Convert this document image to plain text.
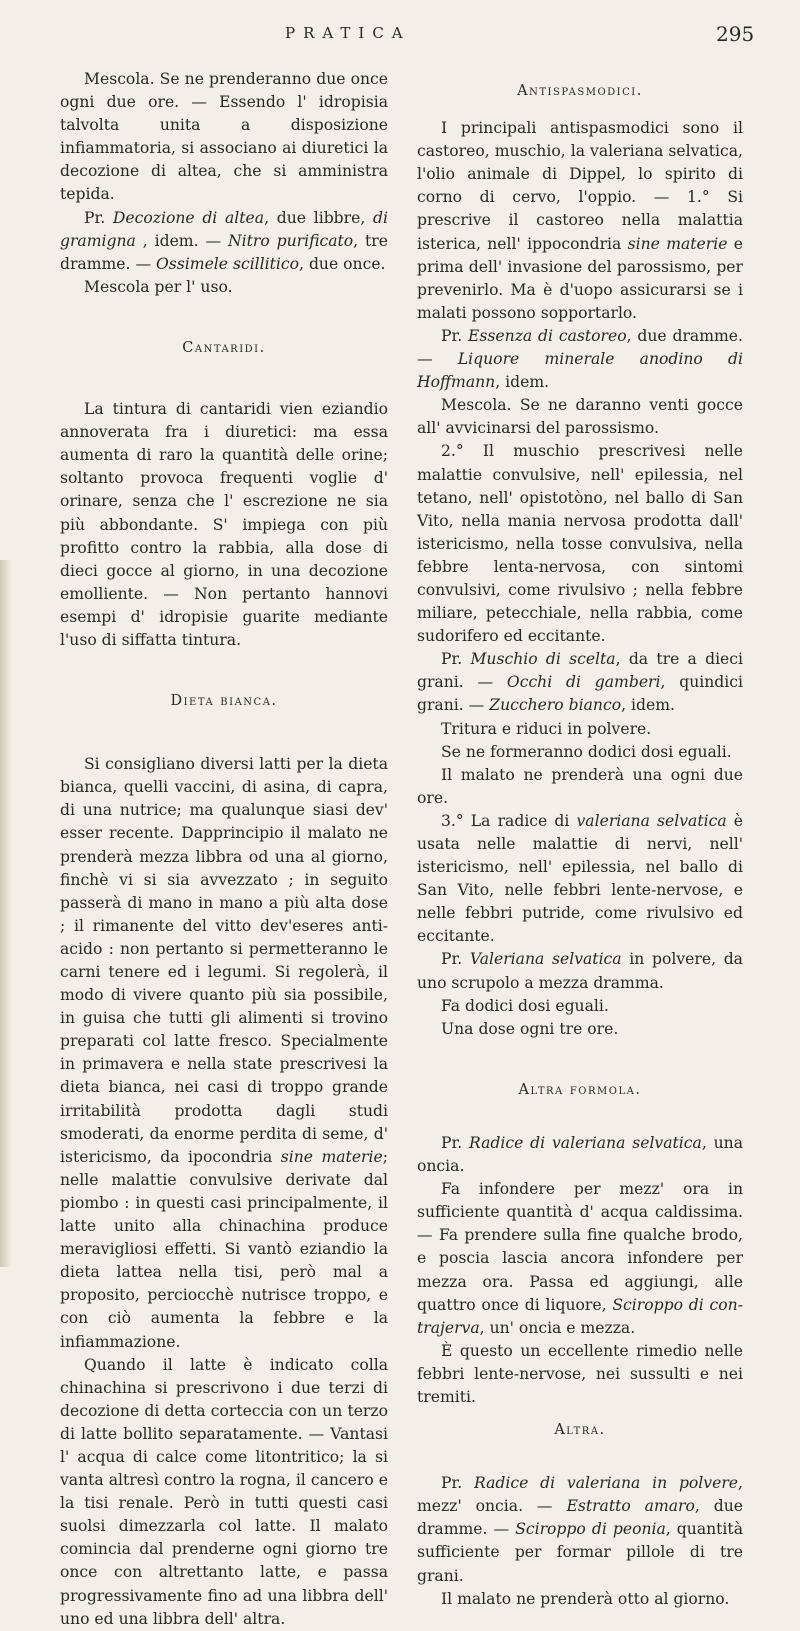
PRATICA	295

Mescola. Se ne prenderanno due once ogni due ore. — Essendo l' idropisia talvolta unita a disposizione infiammatoria, si associano ai diuretici la decozione di altea, che si amministra tepida.

Pr. Decozione di altea, due libbre, di gramigna , idem. — Nitro purificato, tre dramme. — Ossimele scillitico, due once.

Mescola per l' uso.

Cantaridi.

La tintura di cantaridi vien eziandio annoverata fra i diuretici: ma essa aumenta di raro la quantità delle orine; soltanto provoca frequenti voglie d' orinare, senza che l' escrezione ne sia più abbondante. S' impiega con più profitto contro la rabbia, alla dose di dieci gocce al giorno, in una decozione emolliente. — Non pertanto hannovi esempi d' idropisie guarite mediante l'uso di siffatta tintura.

Dieta bianca.

Si consigliano diversi latti per la dieta bianca, quelli vaccini, di asina, di capra, di una nutrice; ma qualunque siasi dev' esser recente. Dapprincipio il malato ne prenderà mezza libbra od una al giorno, finchè vi si sia avvezzato ; in seguito passerà di mano in mano a più alta dose ; il rimanente del vitto dev'eseres anti-acido : non pertanto si permetteranno le carni tenere ed i legumi. Si regolerà, il modo di vivere quanto più sia possibile, in guisa che tutti gli alimenti si trovino preparati col latte fresco. Specialmente in primavera e nella state prescrivesi la dieta bianca, nei casi di troppo grande irritabilità prodotta dagli studi smoderati, da enorme perdita di seme, d' istericismo, da ipocondria sine materie; nelle malattie convulsive derivate dal piombo : in questi casi principalmente, il latte unito alla chinachina produce meravigliosi effetti. Si vantò eziandio la dieta lattea nella tisi, però mal a proposito, perciocchè nutrisce troppo, e con ciò aumenta la febbre e la infiammazione.

Quando il latte è indicato colla chinachina si prescrivono i due terzi di decozione di detta corteccia con un terzo di latte bollito separatamente. — Vantasi l' acqua di calce come litontritico; la si vanta altresì contro la rogna, il cancero e la tisi renale. Però in tutti questi casi suolsi dimezzarla col latte. Il malato comincia dal prenderne ogni giorno tre once con altrettanto latte, e passa progressivamente fino ad una libbra dell' uno ed una libbra dell' altra.

Antispasmodici.

I principali antispasmodici sono il castoreo, muschio, la valeriana selvatica, l'olio animale di Dippel, lo spirito di corno di cervo, l'oppio. — 1.° Si prescrive il castoreo nella malattia isterica, nell' ippocondria sine materie e prima dell' invasione del parossismo, per prevenirlo. Ma è d'uopo assicurarsi se i malati possono sopportarlo.

Pr. Essenza di castoreo, due dramme. — Liquore minerale anodino di Hoffmann, idem.

Mescola. Se ne daranno venti gocce all' avvicinarsi del parossismo.

2.° Il muschio prescrivesi nelle malattie convulsive, nell' epilessia, nel tetano, nell' opistotòno, nel ballo di San Vito, nella mania nervosa prodotta dall' istericismo, nella tosse convulsiva, nella febbre lenta-nervosa, con sintomi convulsivi, come rivulsivo ; nella febbre miliare, petecchiale, nella rabbia, come sudorifero ed eccitante.

Pr. Muschio di scelta, da tre a dieci grani. — Occhi di gamberi, quindici grani. — Zucchero bianco, idem.

Tritura e riduci in polvere.

Se ne formeranno dodici dosi eguali.

Il malato ne prenderà una ogni due ore.

3.° La radice di valeriana selvatica è usata nelle malattie di nervi, nell' istericismo, nell' epilessia, nel ballo di San Vito, nelle febbri lente-nervose, e nelle febbri putride, come rivulsivo ed eccitante.

Pr. Valeriana selvatica in polvere, da uno scrupolo a mezza dramma.

Fa dodici dosi eguali.

Una dose ogni tre ore.

Altra formola.

Pr. Radice di valeriana selvatica, una oncia.

Fa infondere per mezz' ora in sufficiente quantità d' acqua caldissima. — Fa prendere sulla fine qualche brodo, e poscia lascia ancora infondere per mezza ora. Passa ed aggiungi, alle quattro once di liquore, Sciroppo di con-trajerva, un' oncia e mezza.

È questo un eccellente rimedio nelle febbri lente-nervose, nei sussulti e nei tremiti.

Altra.

Pr. Radice di valeriana in polvere, mezz' oncia. — Estratto amaro, due dramme. — Sciroppo di peonia, quantità sufficiente per formar pillole di tre grani.

Il malato ne prenderà otto al giorno.
